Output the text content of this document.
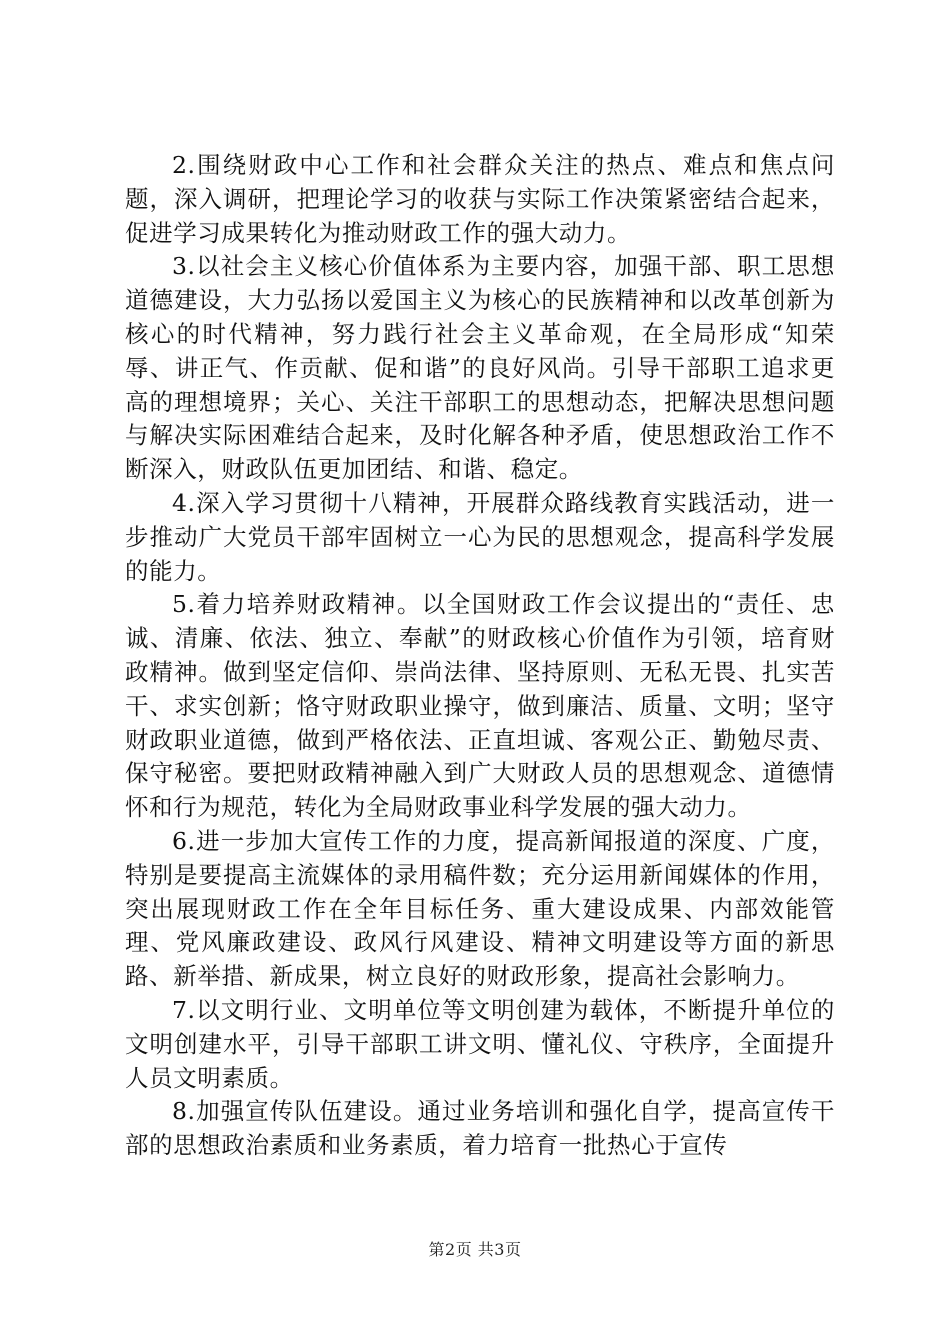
2.围绕财政中心工作和社会群众关注的热点、难点和焦点问题，深入调研，把理论学习的收获与实际工作决策紧密结合起来，促进学习成果转化为推动财政工作的强大动力。

3.以社会主义核心价值体系为主要内容，加强干部、职工思想道德建设，大力弘扬以爱国主义为核心的民族精神和以改革创新为核心的时代精神，努力践行社会主义革命观，在全局形成“知荣辱、讲正气、作贡献、促和谐”的良好风尚。引导干部职工追求更高的理想境界；关心、关注干部职工的思想动态，把解决思想问题与解决实际困难结合起来，及时化解各种矛盾，使思想政治工作不断深入，财政队伍更加团结、和谐、稳定。

4.深入学习贯彻十八精神，开展群众路线教育实践活动，进一步推动广大党员干部牢固树立一心为民的思想观念，提高科学发展的能力。

5.着力培养财政精神。以全国财政工作会议提出的“责任、忠诚、清廉、依法、独立、奉献”的财政核心价值作为引领，培育财政精神。做到坚定信仰、崇尚法律、坚持原则、无私无畏、扎实苦干、求实创新；恪守财政职业操守，做到廉洁、质量、文明；坚守财政职业道德，做到严格依法、正直坦诚、客观公正、勤勉尽责、保守秘密。要把财政精神融入到广大财政人员的思想观念、道德情怀和行为规范，转化为全局财政事业科学发展的强大动力。

6.进一步加大宣传工作的力度，提高新闻报道的深度、广度，特别是要提高主流媒体的录用稿件数；充分运用新闻媒体的作用，突出展现财政工作在全年目标任务、重大建设成果、内部效能管理、党风廉政建设、政风行风建设、精神文明建设等方面的新思路、新举措、新成果，树立良好的财政形象，提高社会影响力。

7.以文明行业、文明单位等文明创建为载体，不断提升单位的文明创建水平，引导干部职工讲文明、懂礼仪、守秩序，全面提升人员文明素质。

8.加强宣传队伍建设。通过业务培训和强化自学，提高宣传干部的思想政治素质和业务素质，着力培育一批热心于宣传

第2页 共3页
